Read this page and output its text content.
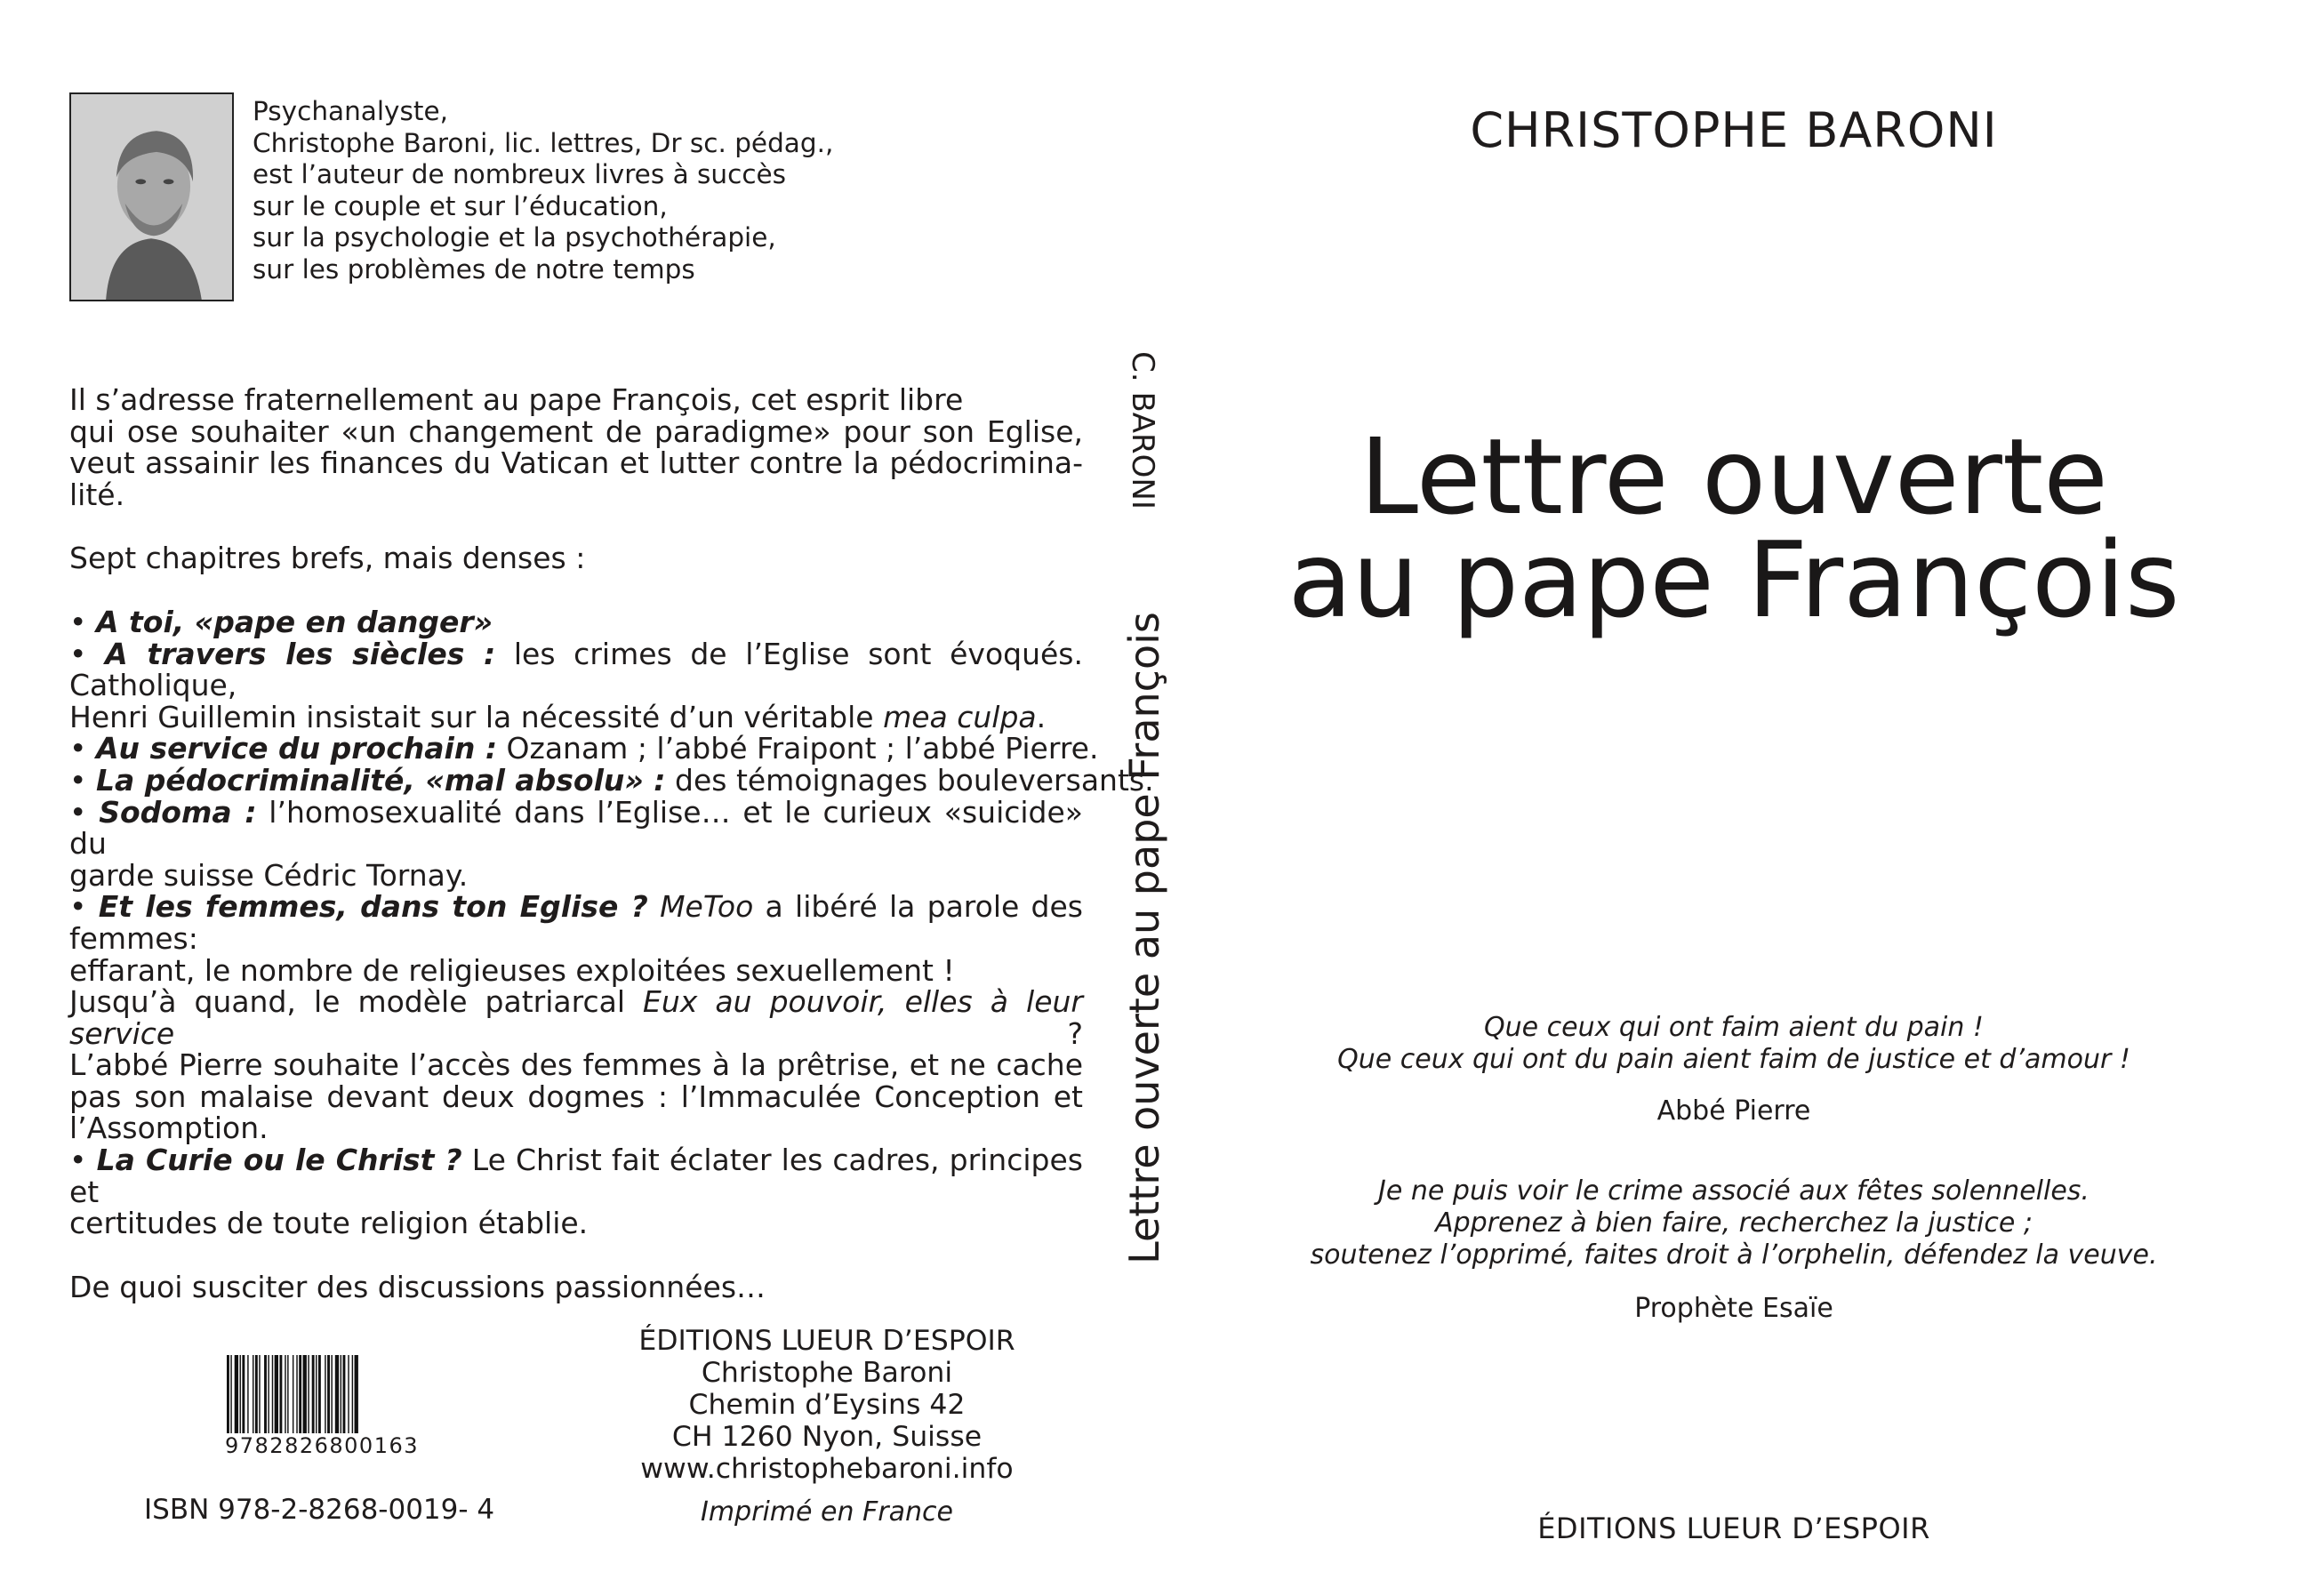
Psychanalyste,
Christophe Baroni, lic. lettres, Dr sc. pédag.,
est l’auteur de nombreux livres à succès
sur le couple et sur l’éducation,
sur la psychologie et la psychothérapie,
sur les problèmes de notre temps
Il s’adresse fraternellement au pape François, cet esprit libre
qui ose souhaiter «un changement de paradigme» pour son Eglise,
veut assainir les finances du Vatican et lutter contre la pédocrimina-
lité.
Sept chapitres brefs, mais denses :
• A toi, «pape en danger»
• A travers les siècles : les crimes de l’Eglise sont évoqués. Catholique,
Henri Guillemin insistait sur la nécessité d’un véritable mea culpa.
• Au service du prochain : Ozanam ; l’abbé Fraipont ; l’abbé Pierre.
• La pédocriminalité, «mal absolu» : des témoignages bouleversants.
• Sodoma : l’homosexualité dans l’Eglise… et le curieux «suicide» du
garde suisse Cédric Tornay.
• Et les femmes, dans ton Eglise ? MeToo a libéré la parole des femmes:
effarant, le nombre de religieuses exploitées sexuellement !
Jusqu’à quand, le modèle patriarcal Eux au pouvoir, elles à leur service ?
L’abbé Pierre souhaite l’accès des femmes à la prêtrise, et ne cache
pas son malaise devant deux dogmes : l’Immaculée Conception et
l’Assomption.
• La Curie ou le Christ ? Le Christ fait éclater les cadres, principes et
certitudes de toute religion établie.
De quoi susciter des discussions passionnées…
9782826800163
ISBN 978-2-8268-0019- 4
ÉDITIONS LUEUR D’ESPOIR
Christophe Baroni
Chemin d’Eysins 42
CH 1260 Nyon, Suisse
www.christophebaroni.info
Imprimé en France
C. BARONI
Lettre ouverte au pape François
CHRISTOPHE BARONI
Lettre ouverte
au pape François
Que ceux qui ont faim aient du pain !
Que ceux qui ont du pain aient faim de justice et d’amour !
Abbé Pierre
Je ne puis voir le crime associé aux fêtes solennelles.
Apprenez à bien faire, recherchez la justice ;
soutenez l’opprimé, faites droit à l’orphelin, défendez la veuve.
Prophète Esaïe
ÉDITIONS LUEUR D’ESPOIR
